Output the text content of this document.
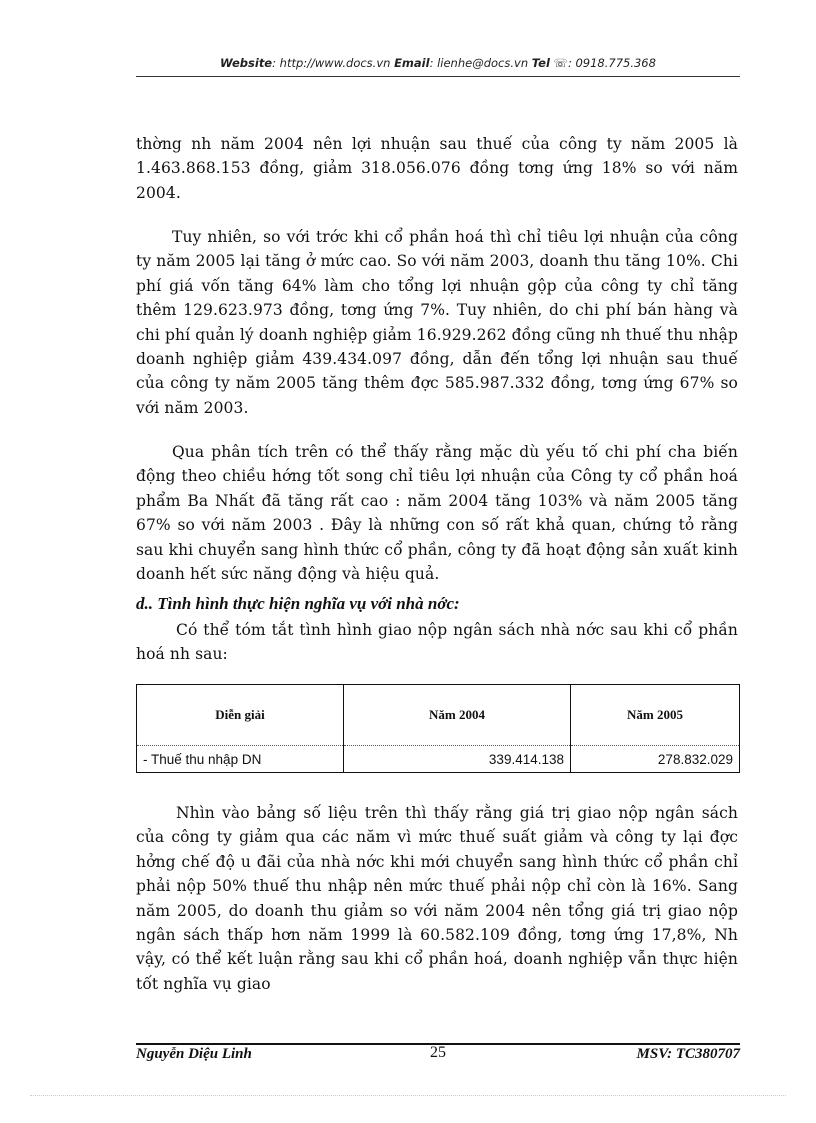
Website: http://www.docs.vn Email: lienhe@docs.vn Tel ☏: 0918.775.368

thờng nh năm 2004 nên lợi nhuận sau thuế của công ty năm 2005 là 1.463.868.153 đồng, giảm 318.056.076 đồng tơng ứng 18% so với năm 2004.

Tuy nhiên, so với trớc khi cổ phần hoá thì chỉ tiêu lợi nhuận của công ty năm 2005 lại tăng ở mức cao. So với năm 2003, doanh thu tăng 10%. Chi phí giá vốn tăng 64% làm cho tổng lợi nhuận gộp của công ty chỉ tăng thêm 129.623.973 đồng, tơng ứng 7%. Tuy nhiên, do chi phí bán hàng và chi phí quản lý doanh nghiệp giảm 16.929.262 đồng cũng nh thuế thu nhập doanh nghiệp giảm 439.434.097 đồng, dẫn đến tổng lợi nhuận sau thuế của công ty năm 2005 tăng thêm đợc 585.987.332 đồng, tơng ứng 67% so với năm 2003.

Qua phân tích trên có thể thấy rằng mặc dù yếu tố chi phí cha biến động theo chiều hớng tốt song chỉ tiêu lợi nhuận của Công ty cổ phần hoá phẩm Ba Nhất đã tăng rất cao : năm 2004 tăng 103% và năm 2005 tăng 67% so với năm 2003 . Đây là những con số rất khả quan, chứng tỏ rằng sau khi chuyển sang hình thức cổ phần, công ty đã hoạt động sản xuất kinh doanh hết sức năng động và hiệu quả.

d.. Tình hình thực hiện nghĩa vụ với nhà nớc:

Có thể tóm tắt tình hình giao nộp ngân sách nhà nớc sau khi cổ phần hoá nh sau:

Diễn giải	Năm 2004	Năm 2005
- Thuế thu nhập DN	339.414.138	278.832.029

Nhìn vào bảng số liệu trên thì thấy rằng giá trị giao nộp ngân sách của công ty giảm qua các năm vì mức thuế suất giảm và công ty lại đợc hởng chế độ u đãi của nhà nớc khi mới chuyển sang hình thức cổ phần chỉ phải nộp 50% thuế thu nhập nên mức thuế phải nộp chỉ còn là 16%. Sang năm 2005, do doanh thu giảm so với năm 2004 nên tổng giá trị giao nộp ngân sách thấp hơn năm 1999 là 60.582.109 đồng, tơng ứng 17,8%, Nh vậy, có thể kết luận rằng sau khi cổ phần hoá, doanh nghiệp vẫn thực hiện tốt nghĩa vụ giao

Nguyễn Diệu Linh	25	MSV: TC380707
